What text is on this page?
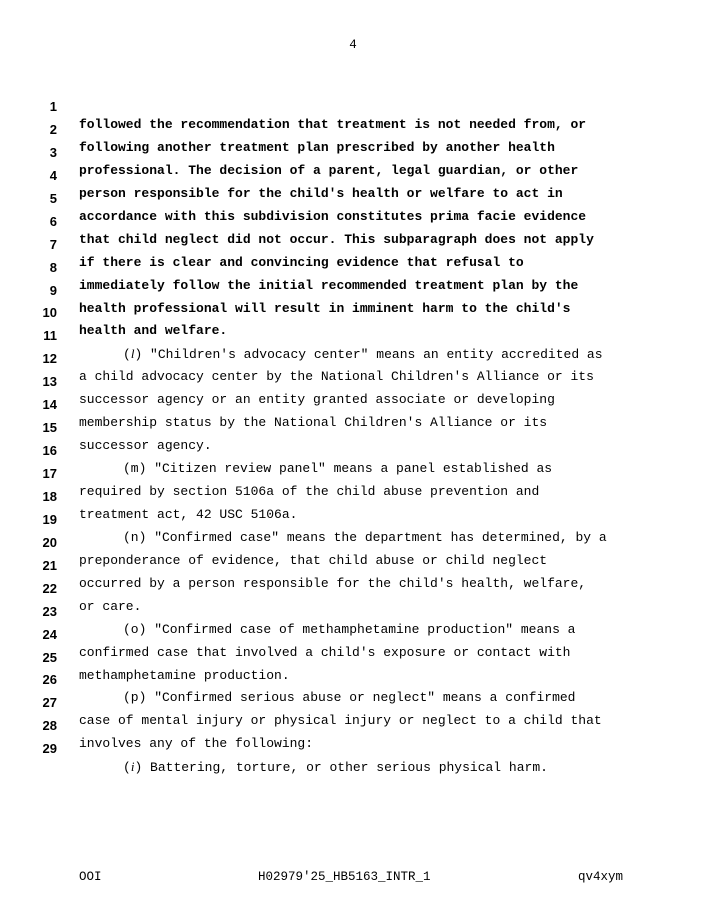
4

1

followed the recommendation that treatment is not needed from, or

2

following another treatment plan prescribed by another health

3

professional. The decision of a parent, legal guardian, or other

4

person responsible for the child's health or welfare to act in

5

accordance with this subdivision constitutes prima facie evidence

6

that child neglect did not occur. This subparagraph does not apply

7

if there is clear and convincing evidence that refusal to

8

immediately follow the initial recommended treatment plan by the

9

health professional will result in imminent harm to the child's

10

health and welfare.

11

(l) "Children's advocacy center" means an entity accredited as

12

a child advocacy center by the National Children's Alliance or its

13

successor agency or an entity granted associate or developing

14

membership status by the National Children's Alliance or its

15

successor agency.

16

(m) "Citizen review panel" means a panel established as

17

required by section 5106a of the child abuse prevention and

18

treatment act, 42 USC 5106a.

19

(n) "Confirmed case" means the department has determined, by a

20

preponderance of evidence, that child abuse or child neglect

21

occurred by a person responsible for the child's health, welfare,

22

or care.

23

(o) "Confirmed case of methamphetamine production" means a

24

confirmed case that involved a child's exposure or contact with

25

methamphetamine production.

26

(p) "Confirmed serious abuse or neglect" means a confirmed

27

case of mental injury or physical injury or neglect to a child that

28

involves any of the following:

29

(i) Battering, torture, or other serious physical harm.

OOI	H02979'25_HB5163_INTR_1	qv4xym
